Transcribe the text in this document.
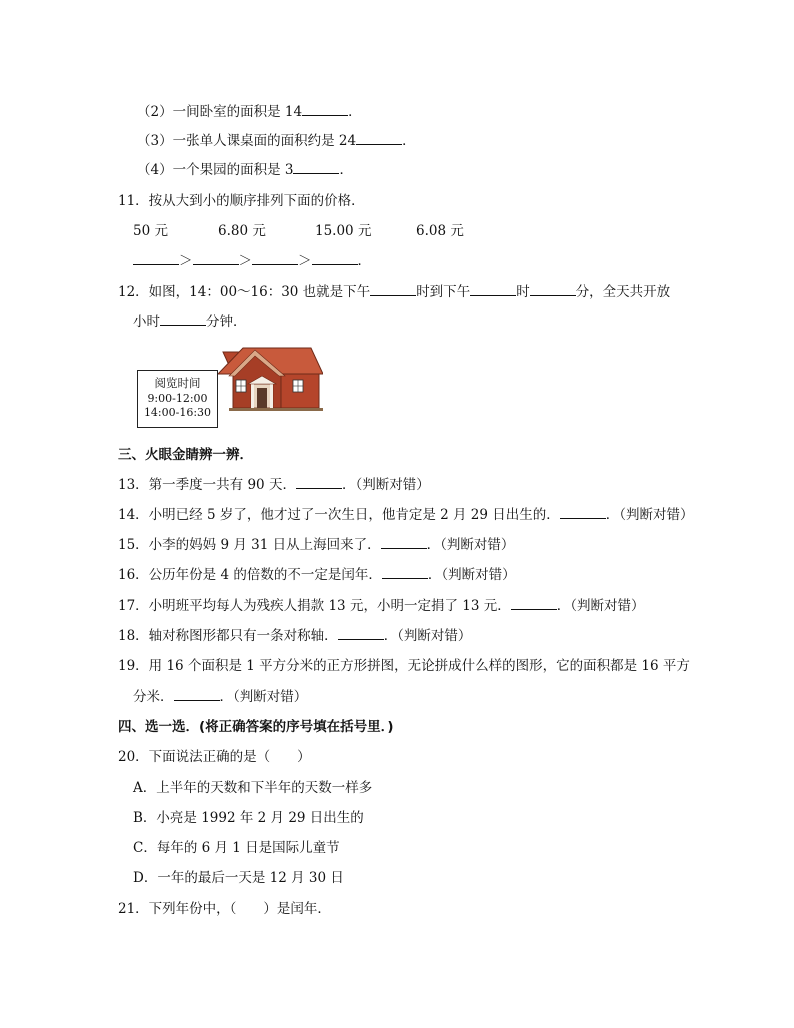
（2）一间卧室的面积是 14	．
（3）一张单人课桌面的面积约是 24	．
（4）一个果园的面积是 3	．
11．按从大到小的顺序排列下面的价格．
50 元	6.80 元	15.00 元	6.08 元
＞	＞	＞	．
12．如图，14：00～16：30 也就是下午	时到下午	时	分，全天共开放
小时	分钟．
阅览时间
9:00-12:00
14:00-16:30
三、火眼金睛辨一辨．
13．第一季度一共有 90 天．	．（判断对错）
14．小明已经 5 岁了，他才过了一次生日，他肯定是 2 月 29 日出生的．	．（判断对错）
15．小李的妈妈 9 月 31 日从上海回来了．	．（判断对错）
16．公历年份是 4 的倍数的不一定是闰年．	．（判断对错）
17．小明班平均每人为残疾人捐款 13 元，小明一定捐了 13 元．	．（判断对错）
18．轴对称图形都只有一条对称轴．	．（判断对错）
19．用 16 个面积是 1 平方分米的正方形拼图，无论拼成什么样的图形，它的面积都是 16 平方
分米．	．（判断对错）
四、选一选．(将正确答案的序号填在括号里．)
20．下面说法正确的是（　　）
A．上半年的天数和下半年的天数一样多
B．小亮是 1992 年 2 月 29 日出生的
C．每年的 6 月 1 日是国际儿童节
D．一年的最后一天是 12 月 30 日
21．下列年份中，（　　）是闰年．
